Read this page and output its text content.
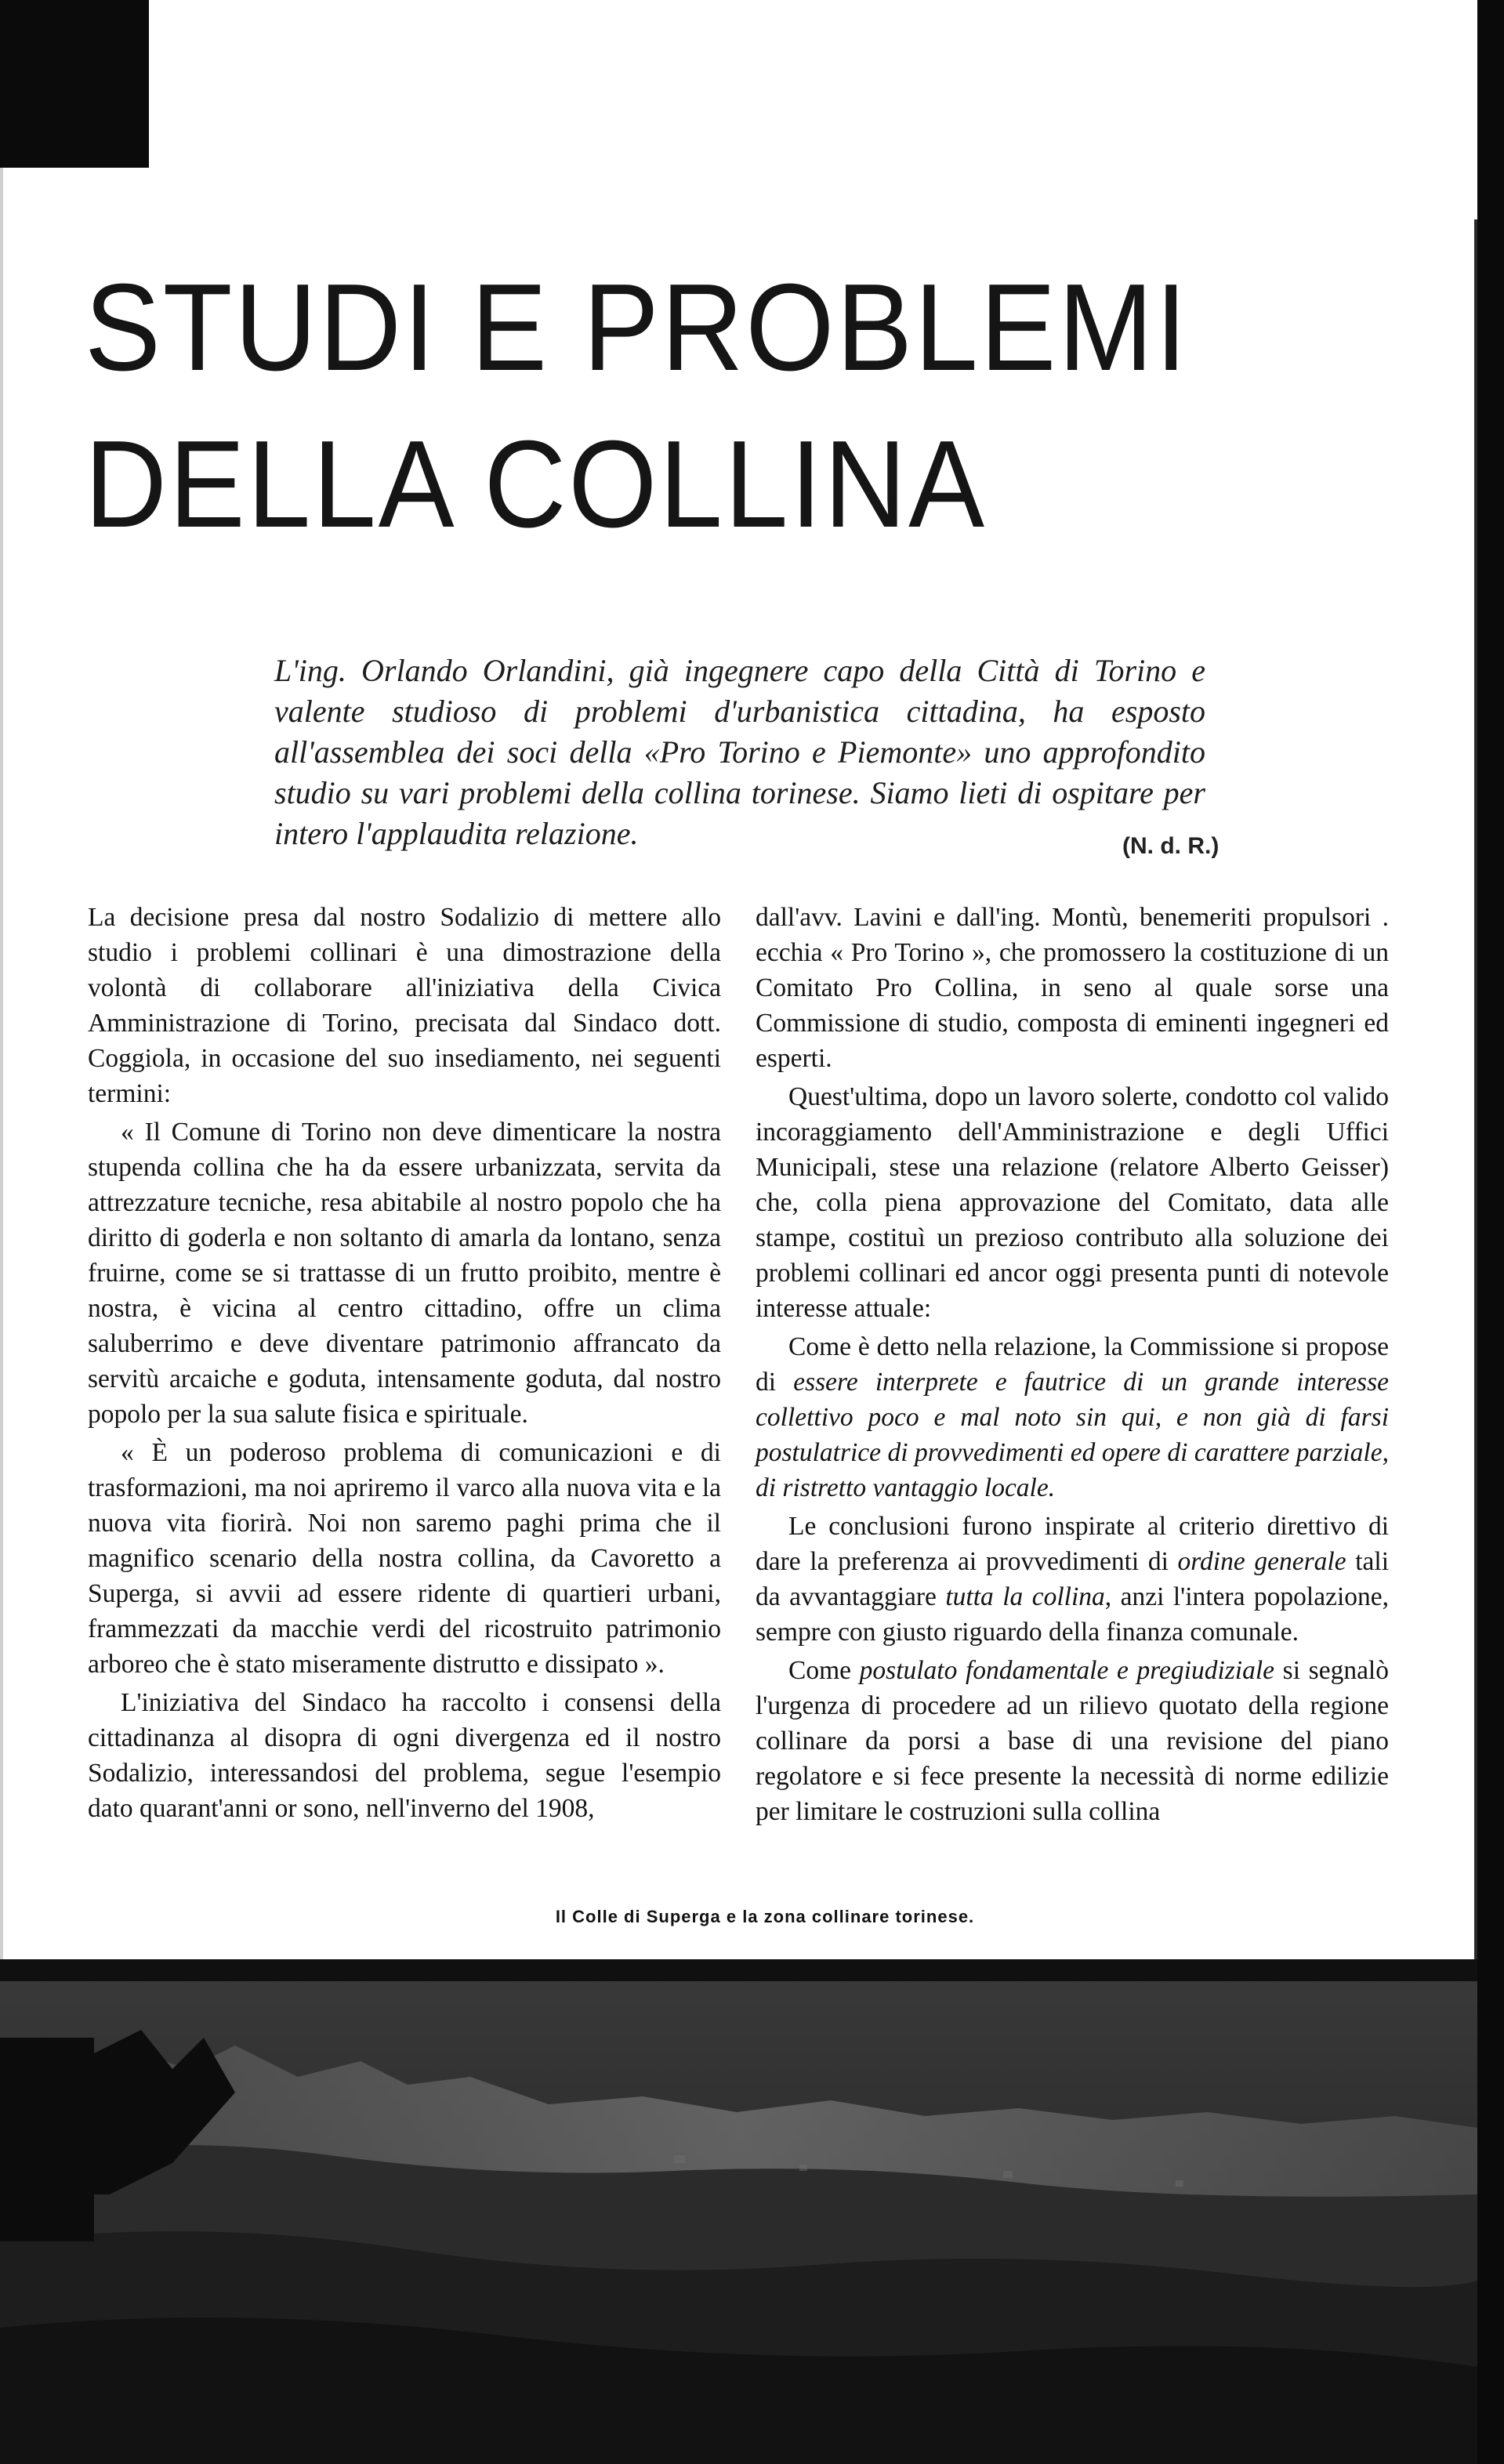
STUDI E PROBLEMI
DELLA COLLINA

L'ing. Orlando Orlandini, già ingegnere capo della Città di Torino e valente studioso di problemi d'urbanistica cittadina, ha esposto all'assemblea dei soci della «Pro Torino e Piemonte» uno approfondito studio su vari problemi della collina torinese. Siamo lieti di ospitare per intero l'applaudita relazione.	(N. d. R.)

La decisione presa dal nostro Sodalizio di mettere allo studio i problemi collinari è una dimostrazione della volontà di collaborare all'iniziativa della Civica Amministrazione di Torino, precisata dal Sindaco dott. Coggiola, in occasione del suo insediamento, nei seguenti termini:

« Il Comune di Torino non deve dimenticare la nostra stupenda collina che ha da essere urbanizzata, servita da attrezzature tecniche, resa abitabile al nostro popolo che ha diritto di goderla e non soltanto di amarla da lontano, senza fruirne, come se si trattasse di un frutto proibito, mentre è nostra, è vicina al centro cittadino, offre un clima saluberrimo e deve diventare patrimonio affrancato da servitù arcaiche e goduta, intensamente goduta, dal nostro popolo per la sua salute fisica e spirituale.

« È un poderoso problema di comunicazioni e di trasformazioni, ma noi apriremo il varco alla nuova vita e la nuova vita fiorirà. Noi non saremo paghi prima che il magnifico scenario della nostra collina, da Cavoretto a Superga, si avvii ad essere ridente di quartieri urbani, frammezzati da macchie verdi del ricostruito patrimonio arboreo che è stato miseramente distrutto e dissipato ».

L'iniziativa del Sindaco ha raccolto i consensi della cittadinanza al disopra di ogni divergenza ed il nostro Sodalizio, interessandosi del problema, segue l'esempio dato quarant'anni or sono, nell'inverno del 1908,

dall'avv. Lavini e dall'ing. Montù, benemeriti propulsori . ecchia « Pro Torino », che promossero la costituzione di un Comitato Pro Collina, in seno al quale sorse una Commissione di studio, composta di eminenti ingegneri ed esperti.

Quest'ultima, dopo un lavoro solerte, condotto col valido incoraggiamento dell'Amministrazione e degli Uffici Municipali, stese una relazione (relatore Alberto Geisser) che, colla piena approvazione del Comitato, data alle stampe, costituì un prezioso contributo alla soluzione dei problemi collinari ed ancor oggi presenta punti di notevole interesse attuale:

Come è detto nella relazione, la Commissione si propose di essere interprete e fautrice di un grande interesse collettivo poco e mal noto sin qui, e non già di farsi postulatrice di provvedimenti ed opere di carattere parziale, di ristretto vantaggio locale.

Le conclusioni furono inspirate al criterio direttivo di dare la preferenza ai provvedimenti di ordine generale tali da avvantaggiare tutta la collina, anzi l'intera popolazione, sempre con giusto riguardo della finanza comunale.

Come postulato fondamentale e pregiudiziale si segnalò l'urgenza di procedere ad un rilievo quotato della regione collinare da porsi a base di una revisione del piano regolatore e si fece presente la necessità di norme edilizie per limitare le costruzioni sulla collina

Il Colle di Superga e la zona collinare torinese.
